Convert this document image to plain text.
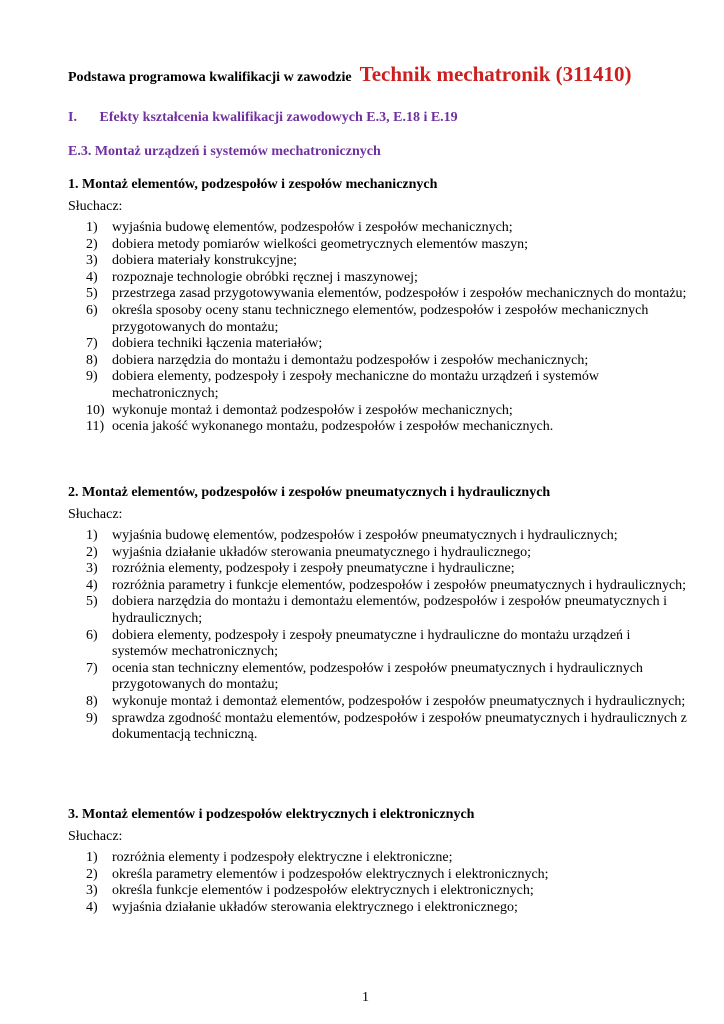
Podstawa programowa kwalifikacji w zawodzie Technik mechatronik (311410)
I. Efekty kształcenia kwalifikacji zawodowych E.3, E.18 i E.19
E.3. Montaż urządzeń i systemów mechatronicznych

1. Montaż elementów, podzespołów i zespołów mechanicznych

Słuchacz:

1)	wyjaśnia budowę elementów, podzespołów i zespołów mechanicznych;
2)	dobiera metody pomiarów wielkości geometrycznych elementów maszyn;
3)	dobiera materiały konstrukcyjne;
4)	rozpoznaje technologie obróbki ręcznej i maszynowej;
5)	przestrzega zasad przygotowywania elementów, podzespołów i zespołów mechanicznych do montażu;
6)	określa sposoby oceny stanu technicznego elementów, podzespołów i zespołów mechanicznych przygotowanych do montażu;
7)	dobiera techniki łączenia materiałów;
8)	dobiera narzędzia do montażu i demontażu podzespołów i zespołów mechanicznych;
9)	dobiera elementy, podzespoły i zespoły mechaniczne do montażu urządzeń i systemów mechatronicznych;
10) wykonuje montaż i demontaż podzespołów i zespołów mechanicznych;
11) ocenia jakość wykonanego montażu, podzespołów i zespołów mechanicznych.

2. Montaż elementów, podzespołów i zespołów pneumatycznych i hydraulicznych

Słuchacz:

1)	wyjaśnia budowę elementów, podzespołów i zespołów pneumatycznych i hydraulicznych;
2)	wyjaśnia działanie układów sterowania pneumatycznego i hydraulicznego;
3)	rozróżnia elementy, podzespoły i zespoły pneumatyczne i hydrauliczne;
4)	rozróżnia parametry i funkcje elementów, podzespołów i zespołów pneumatycznych i hydraulicznych;
5)	dobiera narzędzia do montażu i demontażu elementów, podzespołów i zespołów pneumatycznych i hydraulicznych;
6)	dobiera elementy, podzespoły i zespoły pneumatyczne i hydrauliczne do montażu urządzeń i systemów mechatronicznych;
7)	ocenia stan techniczny elementów, podzespołów i zespołów pneumatycznych i hydraulicznych przygotowanych do montażu;
8)	wykonuje montaż i demontaż elementów, podzespołów i zespołów pneumatycznych i hydraulicznych;
9)	sprawdza zgodność montażu elementów, podzespołów i zespołów pneumatycznych i hydraulicznych z dokumentacją techniczną.

3. Montaż elementów i podzespołów elektrycznych i elektronicznych

Słuchacz:

1)	rozróżnia elementy i podzespoły elektryczne i elektroniczne;
2)	określa parametry elementów i podzespołów elektrycznych i elektronicznych;
3)	określa funkcje elementów i podzespołów elektrycznych i elektronicznych;
4)	wyjaśnia działanie układów sterowania elektrycznego i elektronicznego;
1
